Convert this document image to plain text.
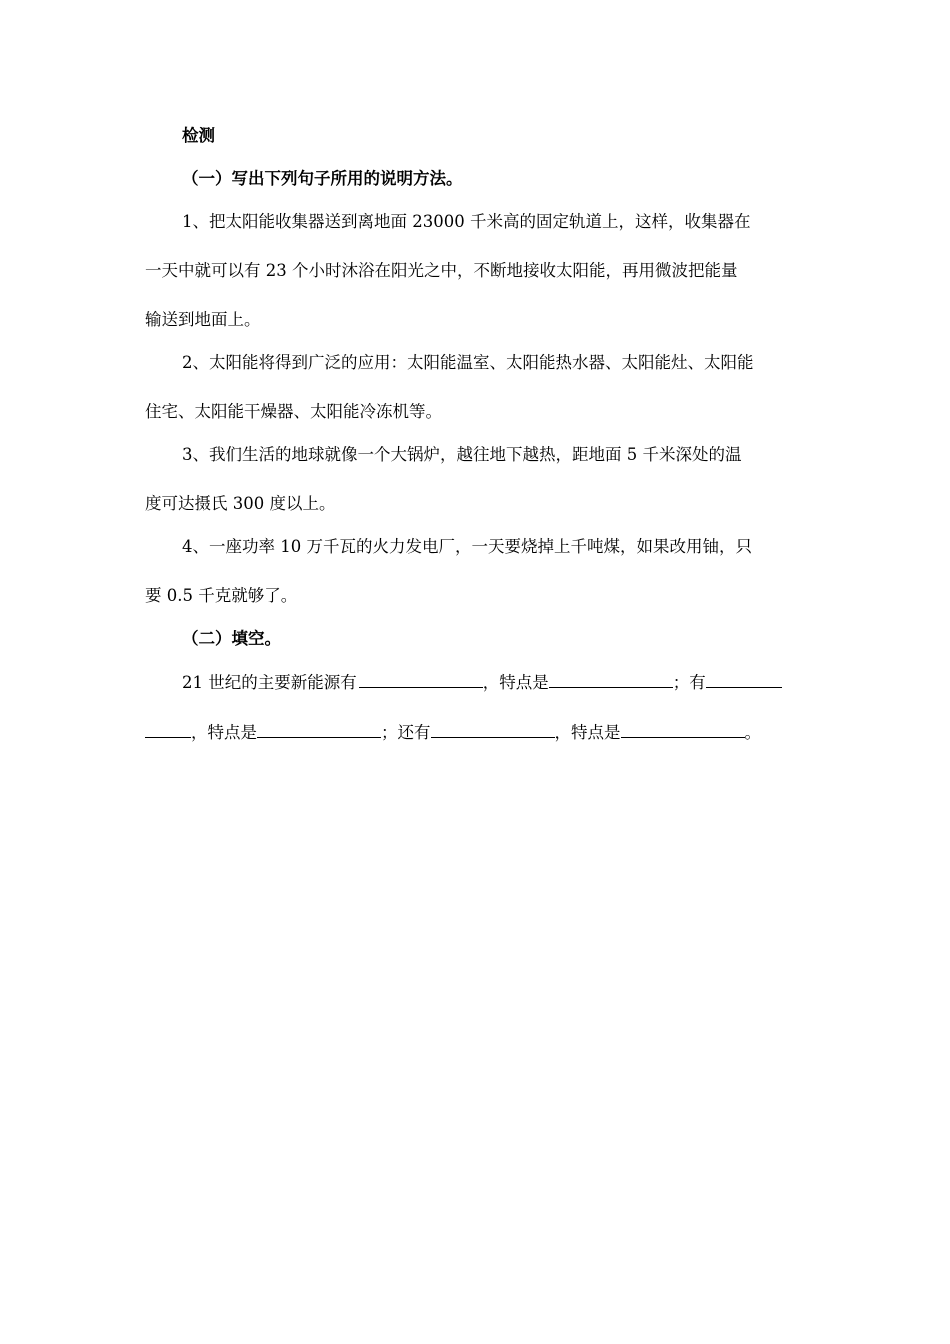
检测

（一）写出下列句子所用的说明方法。

1、把太阳能收集器送到离地面 23000 千米高的固定轨道上，这样，收集器在

一天中就可以有 23 个小时沐浴在阳光之中，不断地接收太阳能，再用微波把能量

输送到地面上。

2、太阳能将得到广泛的应用：太阳能温室、太阳能热水器、太阳能灶、太阳能

住宅、太阳能干燥器、太阳能冷冻机等。

3、我们生活的地球就像一个大锅炉，越往地下越热，距地面 5 千米深处的温

度可达摄氏 300 度以上。

4、一座功率 10 万千瓦的火力发电厂，一天要烧掉上千吨煤，如果改用铀，只

要 0.5 千克就够了。

（二）填空。

21 世纪的主要新能源有	，特点是	；有

，特点是	；还有	，特点是	。
